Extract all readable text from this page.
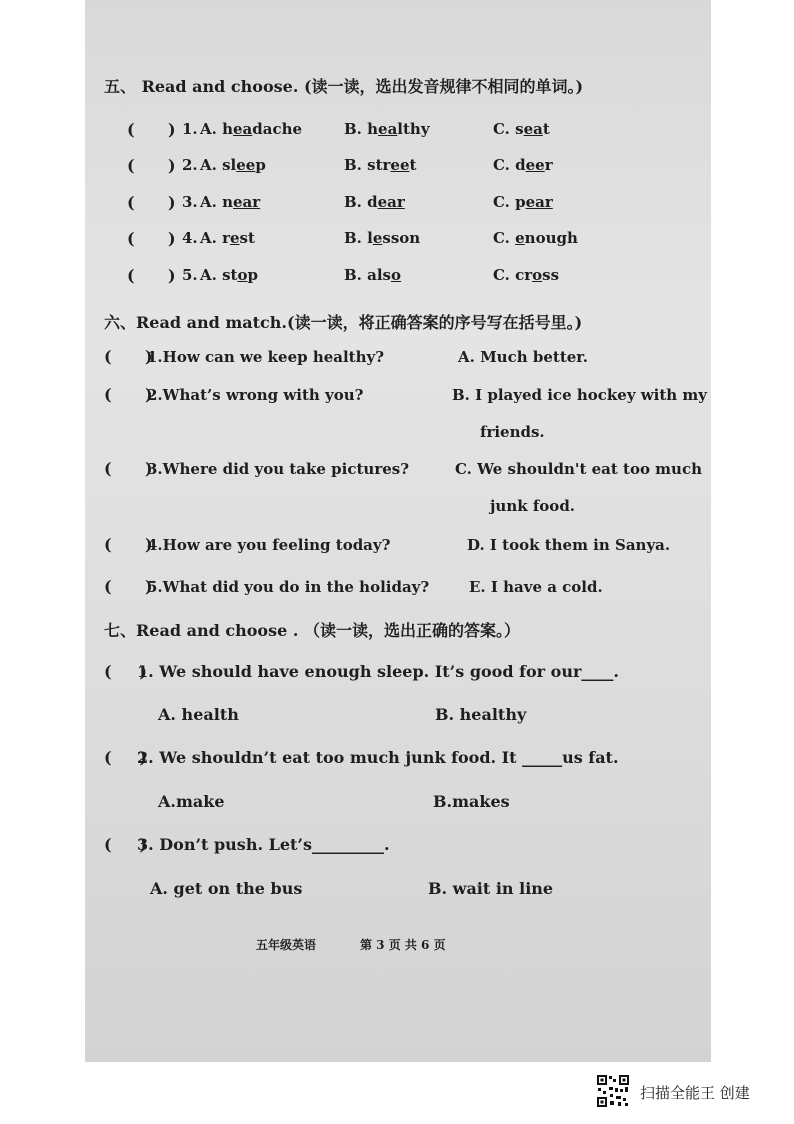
五、 Read and choose. (读一读，选出发音规律不相同的单词。)
(      ) 1. A. headache	B. healthy	C. seat
(      ) 2. A. sleep	B. street	C. deer
(      ) 3. A. near	B. dear	C. pear
(      ) 4. A. rest	B. lesson	C. enough
(      ) 5. A. stop	B. also	C. cross
六、Read and match.(读一读，将正确答案的序号写在括号里。)
(      )
1.How can we keep healthy?	A. Much better.
(      )
2.What’s wrong with you?	B. I played ice hockey with my
friends.
(      )
3.Where did you take pictures?	C. We shouldn't eat too much
junk food.
(      )
4.How are you feeling today?	D. I took them in Sanya.
(      )
5.What did you do in the holiday?	E. I have a cold.
七、Read and choose . （读一读，选出正确的答案。）
(     )
1. We should have enough sleep. It’s good for our____.
A. health	B. healthy
(     )
2. We shouldn’t eat too much junk food. It _____us fat.
A.make	B.makes
(     )
3. Don’t push. Let’s_________.
A. get on the bus	B. wait in line
五年级英语	第 3 页 共 6 页
扫描全能王 创建
